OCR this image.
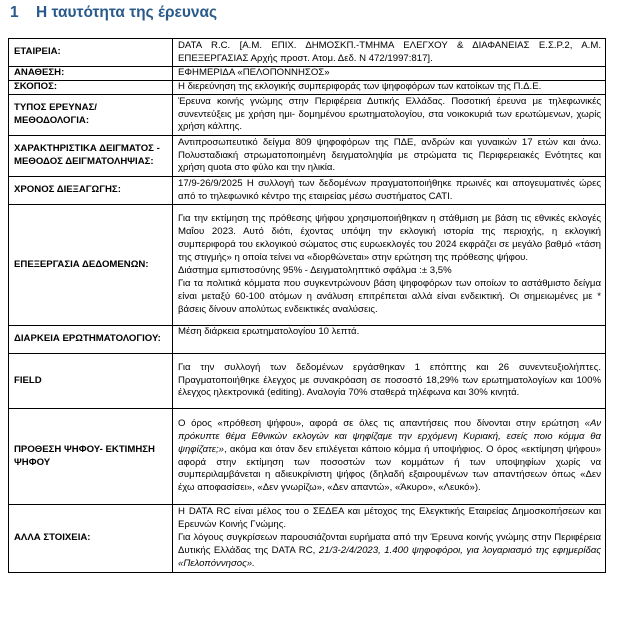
1 Η ταυτότητα της έρευνας
ΕΤΑΙΡΕΙΑ:	DATA R.C. [Α.Μ. ΕΠΙΧ. ΔΗΜΟΣΚΠ.-ΤΜΗΜΑ ΕΛΕΓΧΟΥ & ΔΙΑΦΑΝΕΙΑΣ Ε.Σ.Ρ.2, Α.Μ. ΕΠΕΞΕΡΓΑΣΙΑΣ Αρχής προστ. Ατομ. Δεδ. Ν 472/1997:817].

ΑΝΑΘΕΣΗ:	ΕΦΗΜΕΡΙΔΑ «ΠΕΛΟΠΟΝΝΗΣΟΣ»

ΣΚΟΠΟΣ:	Η διερεύνηση της εκλογικής συμπεριφοράς των ψηφοφόρων των κατοίκων της Π.Δ.Ε.

ΤΥΠΟΣ ΕΡΕΥΝΑΣ/ ΜΕΘΟΔΟΛΟΓΙΑ:	Έρευνα κοινής γνώμης στην Περιφέρεια Δυτικής Ελλάδας. Ποσοτική έρευνα με τηλεφωνικές συνεντεύξεις με χρήση ημι- δομημένου ερωτηματολογίου, στα νοικοκυριά των ερωτώμενων, χωρίς χρήση κάλπης.

ΧΑΡΑΚΤΗΡΙΣΤΙΚΑ ΔΕΙΓΜΑΤΟΣ - ΜΕΘΟΔΟΣ ΔΕΙΓΜΑΤΟΛΗΨΙΑΣ:	Αντιπροσωπευτικό δείγμα 809 ψηφοφόρων της ΠΔΕ, ανδρών και γυναικών 17 ετών και άνω. Πολυσταδιακή στρωματοποιημένη δειγματοληψία με στρώματα τις Περιφερειακές Ενότητες και χρήση quota στο φύλο και την ηλικία.

ΧΡΟΝΟΣ ΔΙΕΞΑΓΩΓΗΣ:	17/9-26/9/2025 Η συλλογή των δεδομένων πραγματοποιήθηκε πρωινές και απογευματινές ώρες από το τηλεφωνικό κέντρο της εταιρείας μέσω συστήματος CATI.

ΕΠΕΞΕΡΓΑΣΙΑ ΔΕΔΟΜΕΝΩΝ:	Για την εκτίμηση της πρόθεσης ψήφου χρησιμοποιήθηκαν η στάθμιση με βάση τις εθνικές εκλογές Μαΐου 2023. Αυτό διότι, έχοντας υπόψη την εκλογική ιστορία της περιοχής, η εκλογική συμπεριφορά του εκλογικού σώματος στις ευρωεκλογές του 2024 εκφράζει σε μεγάλο βαθμό «τάση της στιγμής» η οποία τείνει να «διορθώνεται» στην ερώτηση της πρόθεσης ψήφου.

Διάστημα εμπιστοσύνης 95% - Δειγματοληπτικό σφάλμα :± 3,5%

Για τα πολιτικά κόμματα που συγκεντρώνουν βάση ψηφοφόρων των οποίων το αστάθμιστο δείγμα είναι μεταξύ 60-100 ατόμων η ανάλυση επιτρέπεται αλλά είναι ενδεικτική. Οι σημειωμένες με * βάσεις δίνουν απολύτως ενδεικτικές αναλύσεις.

ΔΙΑΡΚΕΙΑ ΕΡΩΤΗΜΑΤΟΛΟΓΙΟΥ:	Μέση διάρκεια ερωτηματολογίου 10 λεπτά.

FIELD	Για την συλλογή των δεδομένων εργάσθηκαν 1 επόπτης και 26 συνεντευξιολήπτες. Πραγματοποιήθηκε έλεγχος με συνακρόαση σε ποσοστό 18,29% των ερωτηματολογίων και 100% έλεγχος ηλεκτρονικά (editing). Αναλογία 70% σταθερά τηλέφωνα και 30% κινητά.

ΠΡΟΘΕΣΗ ΨΗΦΟΥ- ΕΚΤΙΜΗΣΗ ΨΗΦΟΥ	Ο όρος «πρόθεση ψήφου», αφορά σε όλες τις απαντήσεις που δίνονται στην ερώτηση «Αν πρόκυπτε θέμα Εθνικών εκλογών και ψηφίζαμε την ερχόμενη Κυριακή, εσείς ποιο κόμμα θα ψηφίζατε;», ακόμα και όταν δεν επιλέγεται κάποιο κόμμα ή υποψήφιος. Ο όρος «εκτίμηση ψήφου» αφορά στην εκτίμηση των ποσοστών των κομμάτων ή των υποψηφίων χωρίς να συμπεριλαμβάνεται η αδιευκρίνιστη ψήφος (δηλαδή εξαιρουμένων των απαντήσεων όπως «Δεν έχω αποφασίσει», «Δεν γνωρίζω», «Δεν απαντώ», «Άκυρο», «Λευκό»).

ΑΛΛΑ ΣΤΟΙΧΕΙΑ:	Η DATA RC είναι μέλος του ο ΣΕΔΕΑ και μέτοχος της Ελεγκτικής Εταιρείας Δημοσκοπήσεων και Ερευνών Κοινής Γνώμης.

Για λόγους συγκρίσεων παρουσιάζονται ευρήματα από την Έρευνα κοινής γνώμης στην Περιφέρεια Δυτικής Ελλάδας της DATA RC, 21/3-2/4/2023, 1.400 ψηφοφόροι, για λογαριασμό της εφημερίδας «Πελοπόννησος».
